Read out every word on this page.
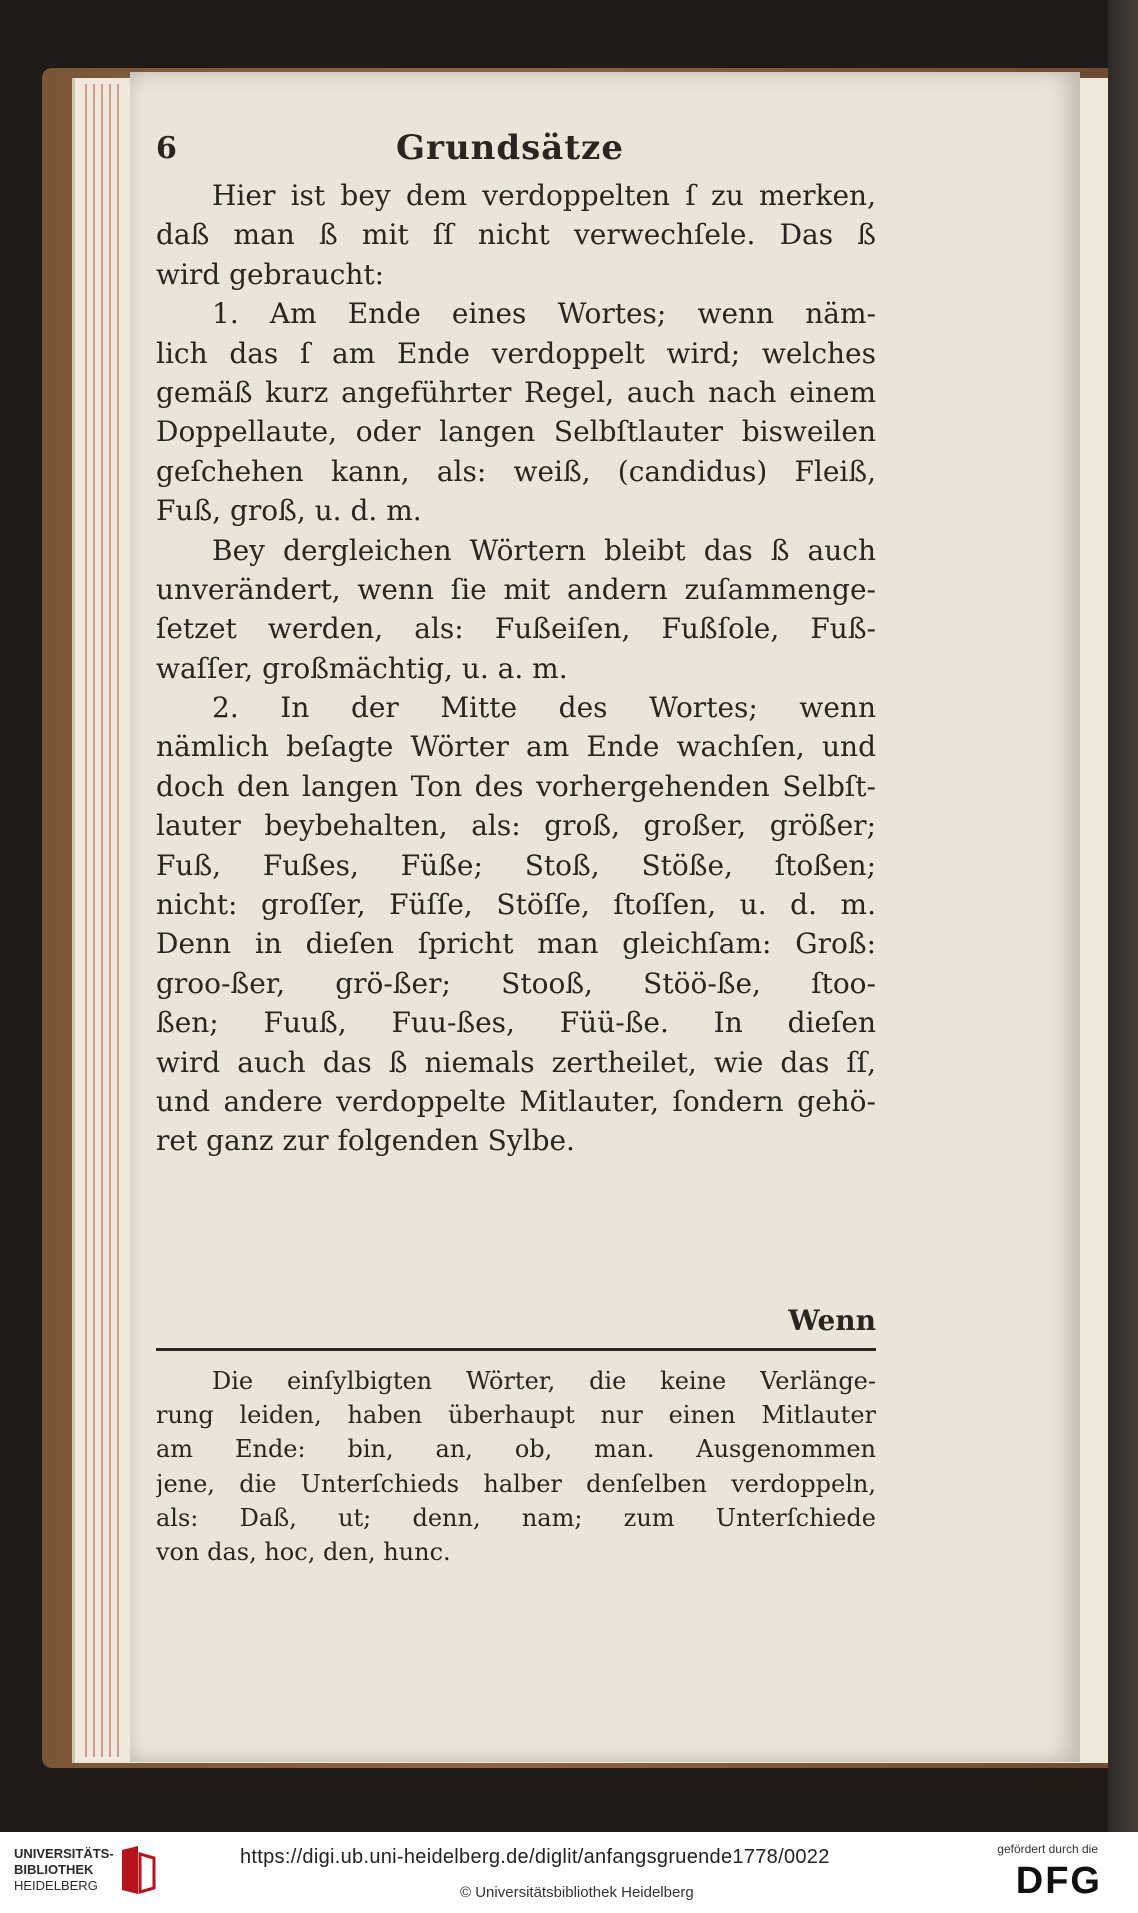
6	Grundsätze
Hier ist bey dem verdoppelten ſ zu merken,
daß man ß mit ſſ nicht verwechſele. Das ß
wird gebraucht:
1. Am Ende eines Wortes; wenn näm-
lich das ſ am Ende verdoppelt wird; welches
gemäß kurz angeführter Regel, auch nach einem
Doppellaute, oder langen Selbſtlauter bisweilen
geſchehen kann, als: weiß, (candidus) Fleiß,
Fuß, groß, u. d. m.
Bey dergleichen Wörtern bleibt das ß auch
unverändert, wenn ſie mit andern zuſammenge-
ſetzet werden, als: Fußeiſen, Fußſole, Fuß-
waſſer, großmächtig, u. a. m.
2. In der Mitte des Wortes; wenn
nämlich beſagte Wörter am Ende wachſen, und
doch den langen Ton des vorhergehenden Selbſt-
lauter beybehalten, als: groß, großer, größer;
Fuß, Fußes, Füße; Stoß, Stöße, ſtoßen;
nicht: groſſer, Füſſe, Stöſſe, ſtoſſen, u. d. m.
Denn in dieſen ſpricht man gleichſam: Groß:
groo-ßer, grö-ßer; Stooß, Stöö-ße, ſtoo-
ßen; Fuuß, Fuu-ßes, Füü-ße. In dieſen
wird auch das ß niemals zertheilet, wie das ſſ,
und andere verdoppelte Mitlauter, ſondern gehö-
ret ganz zur folgenden Sylbe.
Wenn
Die einſylbigten Wörter, die keine Verlänge-
rung leiden, haben überhaupt nur einen Mitlauter
am Ende: bin, an, ob, man. Ausgenommen
jene, die Unterſchieds halber denſelben verdoppeln,
als: Daß, ut; denn, nam; zum Unterſchiede
von das, hoc, den, hunc.
UNIVERSITÄTS-
BIBLIOTHEK
HEIDELBERG
https://digi.ub.uni-heidelberg.de/diglit/anfangsgruende1778/0022
© Universitätsbibliothek Heidelberg
gefördert durch die
DFG
